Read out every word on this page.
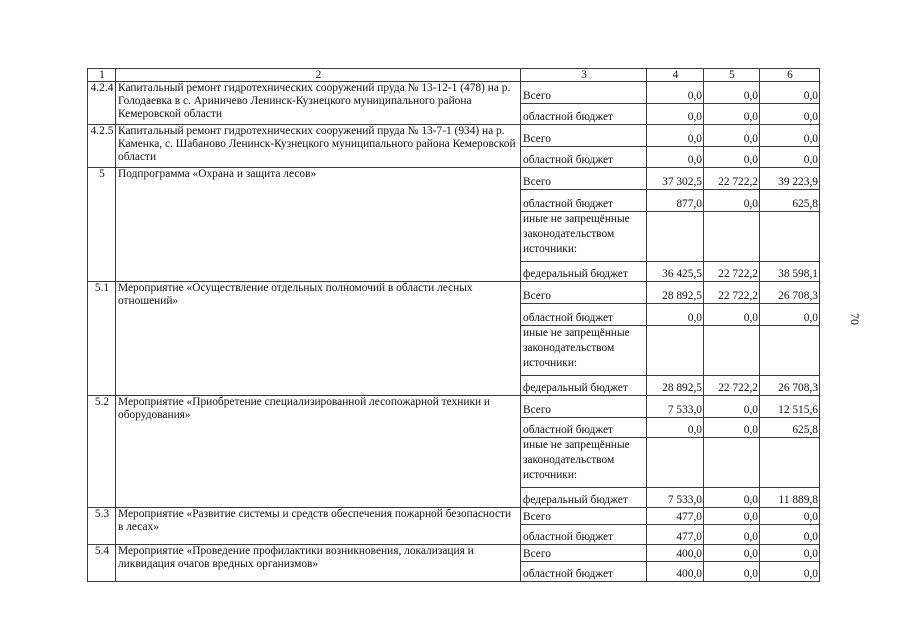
1	2	3	4	5	6
4.2.4	Капитальный ремонт гидротехнических сооружений пруда № 13-12-1 (478) на р. Голодаевка в с. Ариничево Ленинск-Кузнецкого муниципального района Кемеровской области	Всего	0,0	0,0	0,0
		областной бюджет	0,0	0,0	0,0
4.2.5	Капитальный ремонт гидротехнических сооружений пруда № 13-7-1 (934) на р. Каменка, с. Шабаново Ленинск-Кузнецкого муниципального района Кемеровской области	Всего	0,0	0,0	0,0
		областной бюджет	0,0	0,0	0,0
5	Подпрограмма «Охрана и защита лесов»	Всего	37 302,5	22 722,2	39 223,9
		областной бюджет	877,0	0,0	625,8
		иные не запрещённые законодательством источники:			
		федеральный бюджет	36 425,5	22 722,2	38 598,1
5.1	Мероприятие «Осуществление отдельных полномочий в области лесных отношений»	Всего	28 892,5	22 722,2	26 708,3
		областной бюджет	0,0	0,0	0,0
		иные не запрещённые законодательством источники:			
		федеральный бюджет	28 892,5	22 722,2	26 708,3
5.2	Мероприятие «Приобретение специализированной лесопожарной техники и оборудования»	Всего	7 533,0	0,0	12 515,6
		областной бюджет	0,0	0,0	625,8
		иные не запрещённые законодательством источники:			
		федеральный бюджет	7 533,0	0,0	11 889,8
5.3	Мероприятие «Развитие системы и средств обеспечения пожарной безопасности в лесах»	Всего	477,0	0,0	0,0
		областной бюджет	477,0	0,0	0,0
5.4	Мероприятие «Проведение профилактики возникновения, локализация и ликвидация очагов вредных организмов»	Всего	400,0	0,0	0,0
		областной бюджет	400,0	0,0	0,0
70
